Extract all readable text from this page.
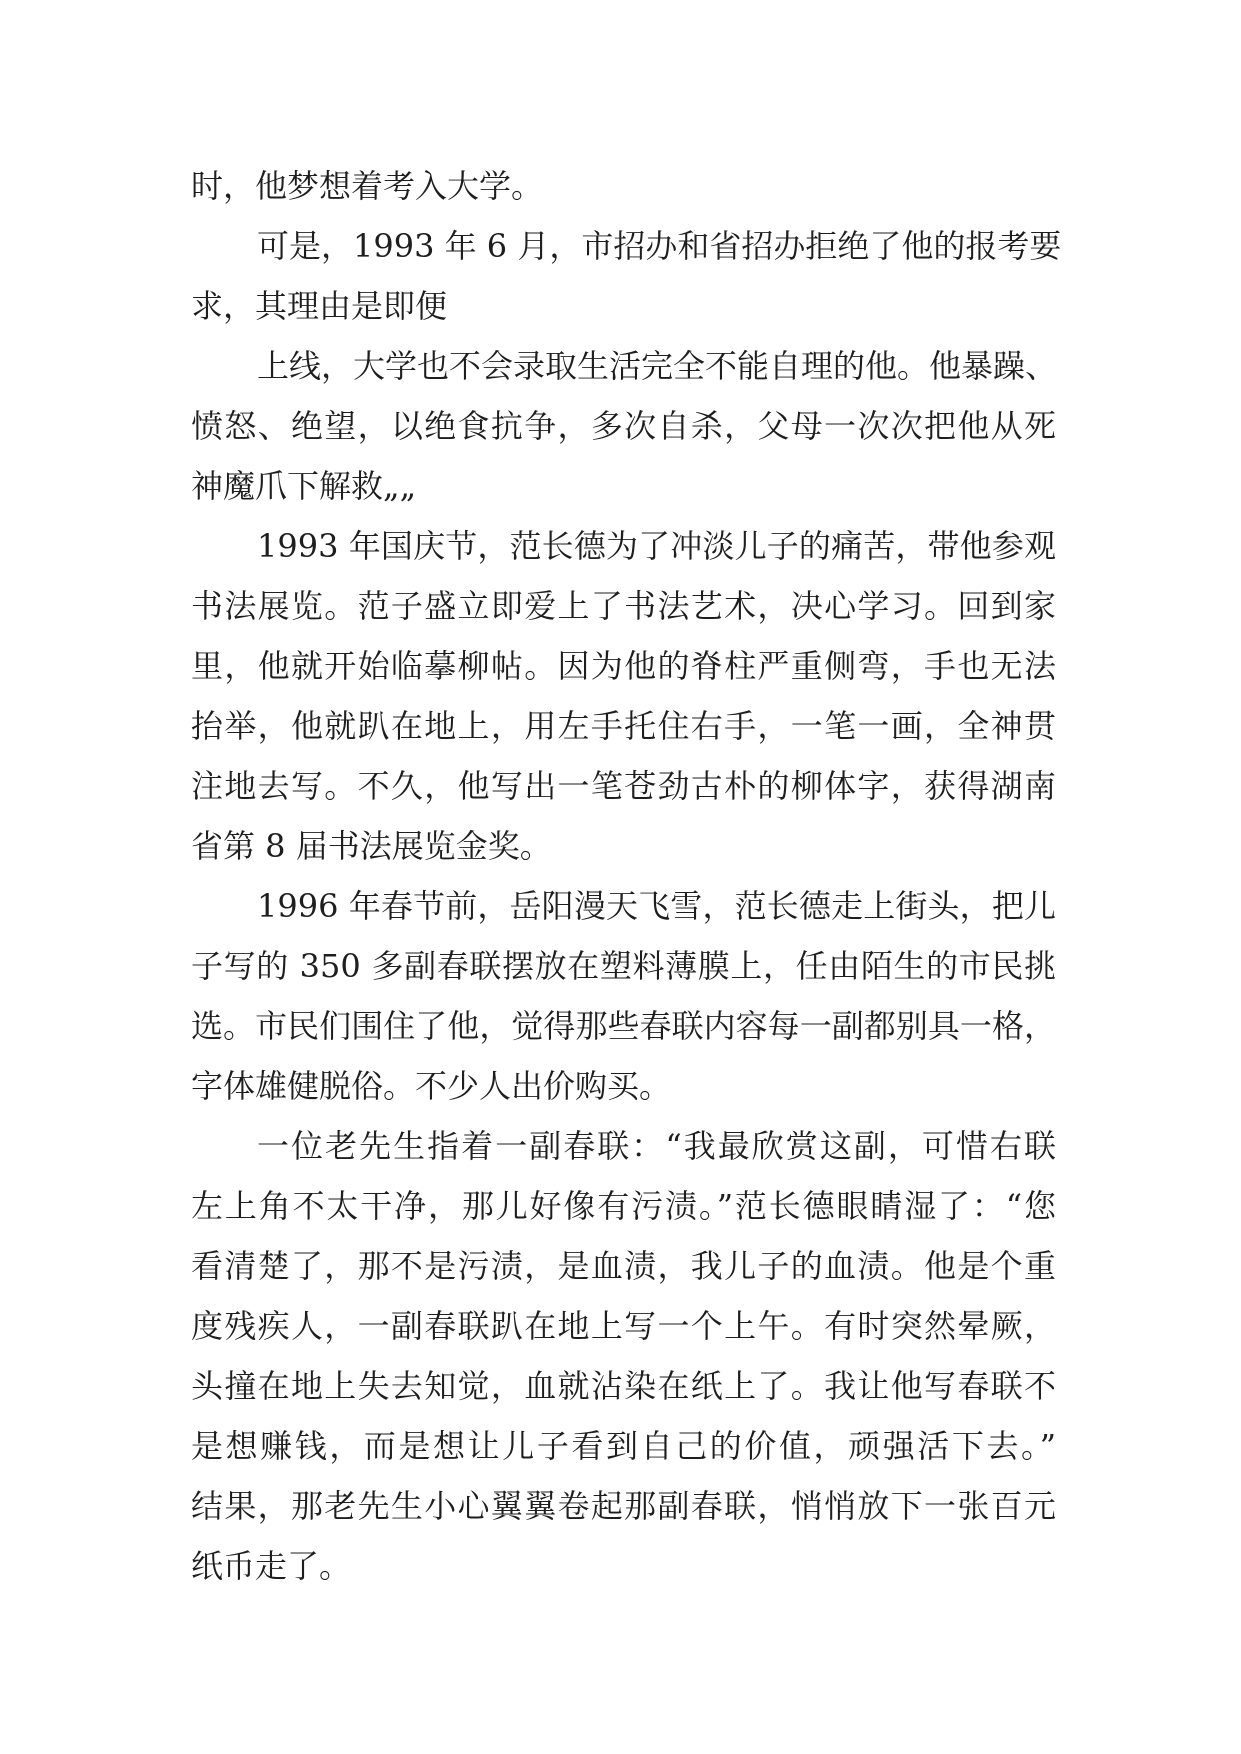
时，他梦想着考入大学。
可是，1993 年 6 月，市招办和省招办拒绝了他的报考要
求，其理由是即便
上线，大学也不会录取生活完全不能自理的他。他暴躁、
愤怒、绝望，以绝食抗争，多次自杀，父母一次次把他从死
神魔爪下解救„„
1993 年国庆节，范长德为了冲淡儿子的痛苦，带他参观
书法展览。范子盛立即爱上了书法艺术，决心学习。回到家
里，他就开始临摹柳帖。因为他的脊柱严重侧弯，手也无法
抬举，他就趴在地上，用左手托住右手，一笔一画，全神贯
注地去写。不久，他写出一笔苍劲古朴的柳体字，获得湖南
省第 8 届书法展览金奖。
1996 年春节前，岳阳漫天飞雪，范长德走上街头，把儿
子写的 350 多副春联摆放在塑料薄膜上，任由陌生的市民挑
选。市民们围住了他，觉得那些春联内容每一副都别具一格，
字体雄健脱俗。不少人出价购买。
一位老先生指着一副春联：“我最欣赏这副，可惜右联
左上角不太干净，那儿好像有污渍。”范长德眼睛湿了：“您
看清楚了，那不是污渍，是血渍，我儿子的血渍。他是个重
度残疾人，一副春联趴在地上写一个上午。有时突然晕厥，
头撞在地上失去知觉，血就沾染在纸上了。我让他写春联不
是想赚钱，而是想让儿子看到自己的价值，顽强活下去。”
结果，那老先生小心翼翼卷起那副春联，悄悄放下一张百元
纸币走了。
